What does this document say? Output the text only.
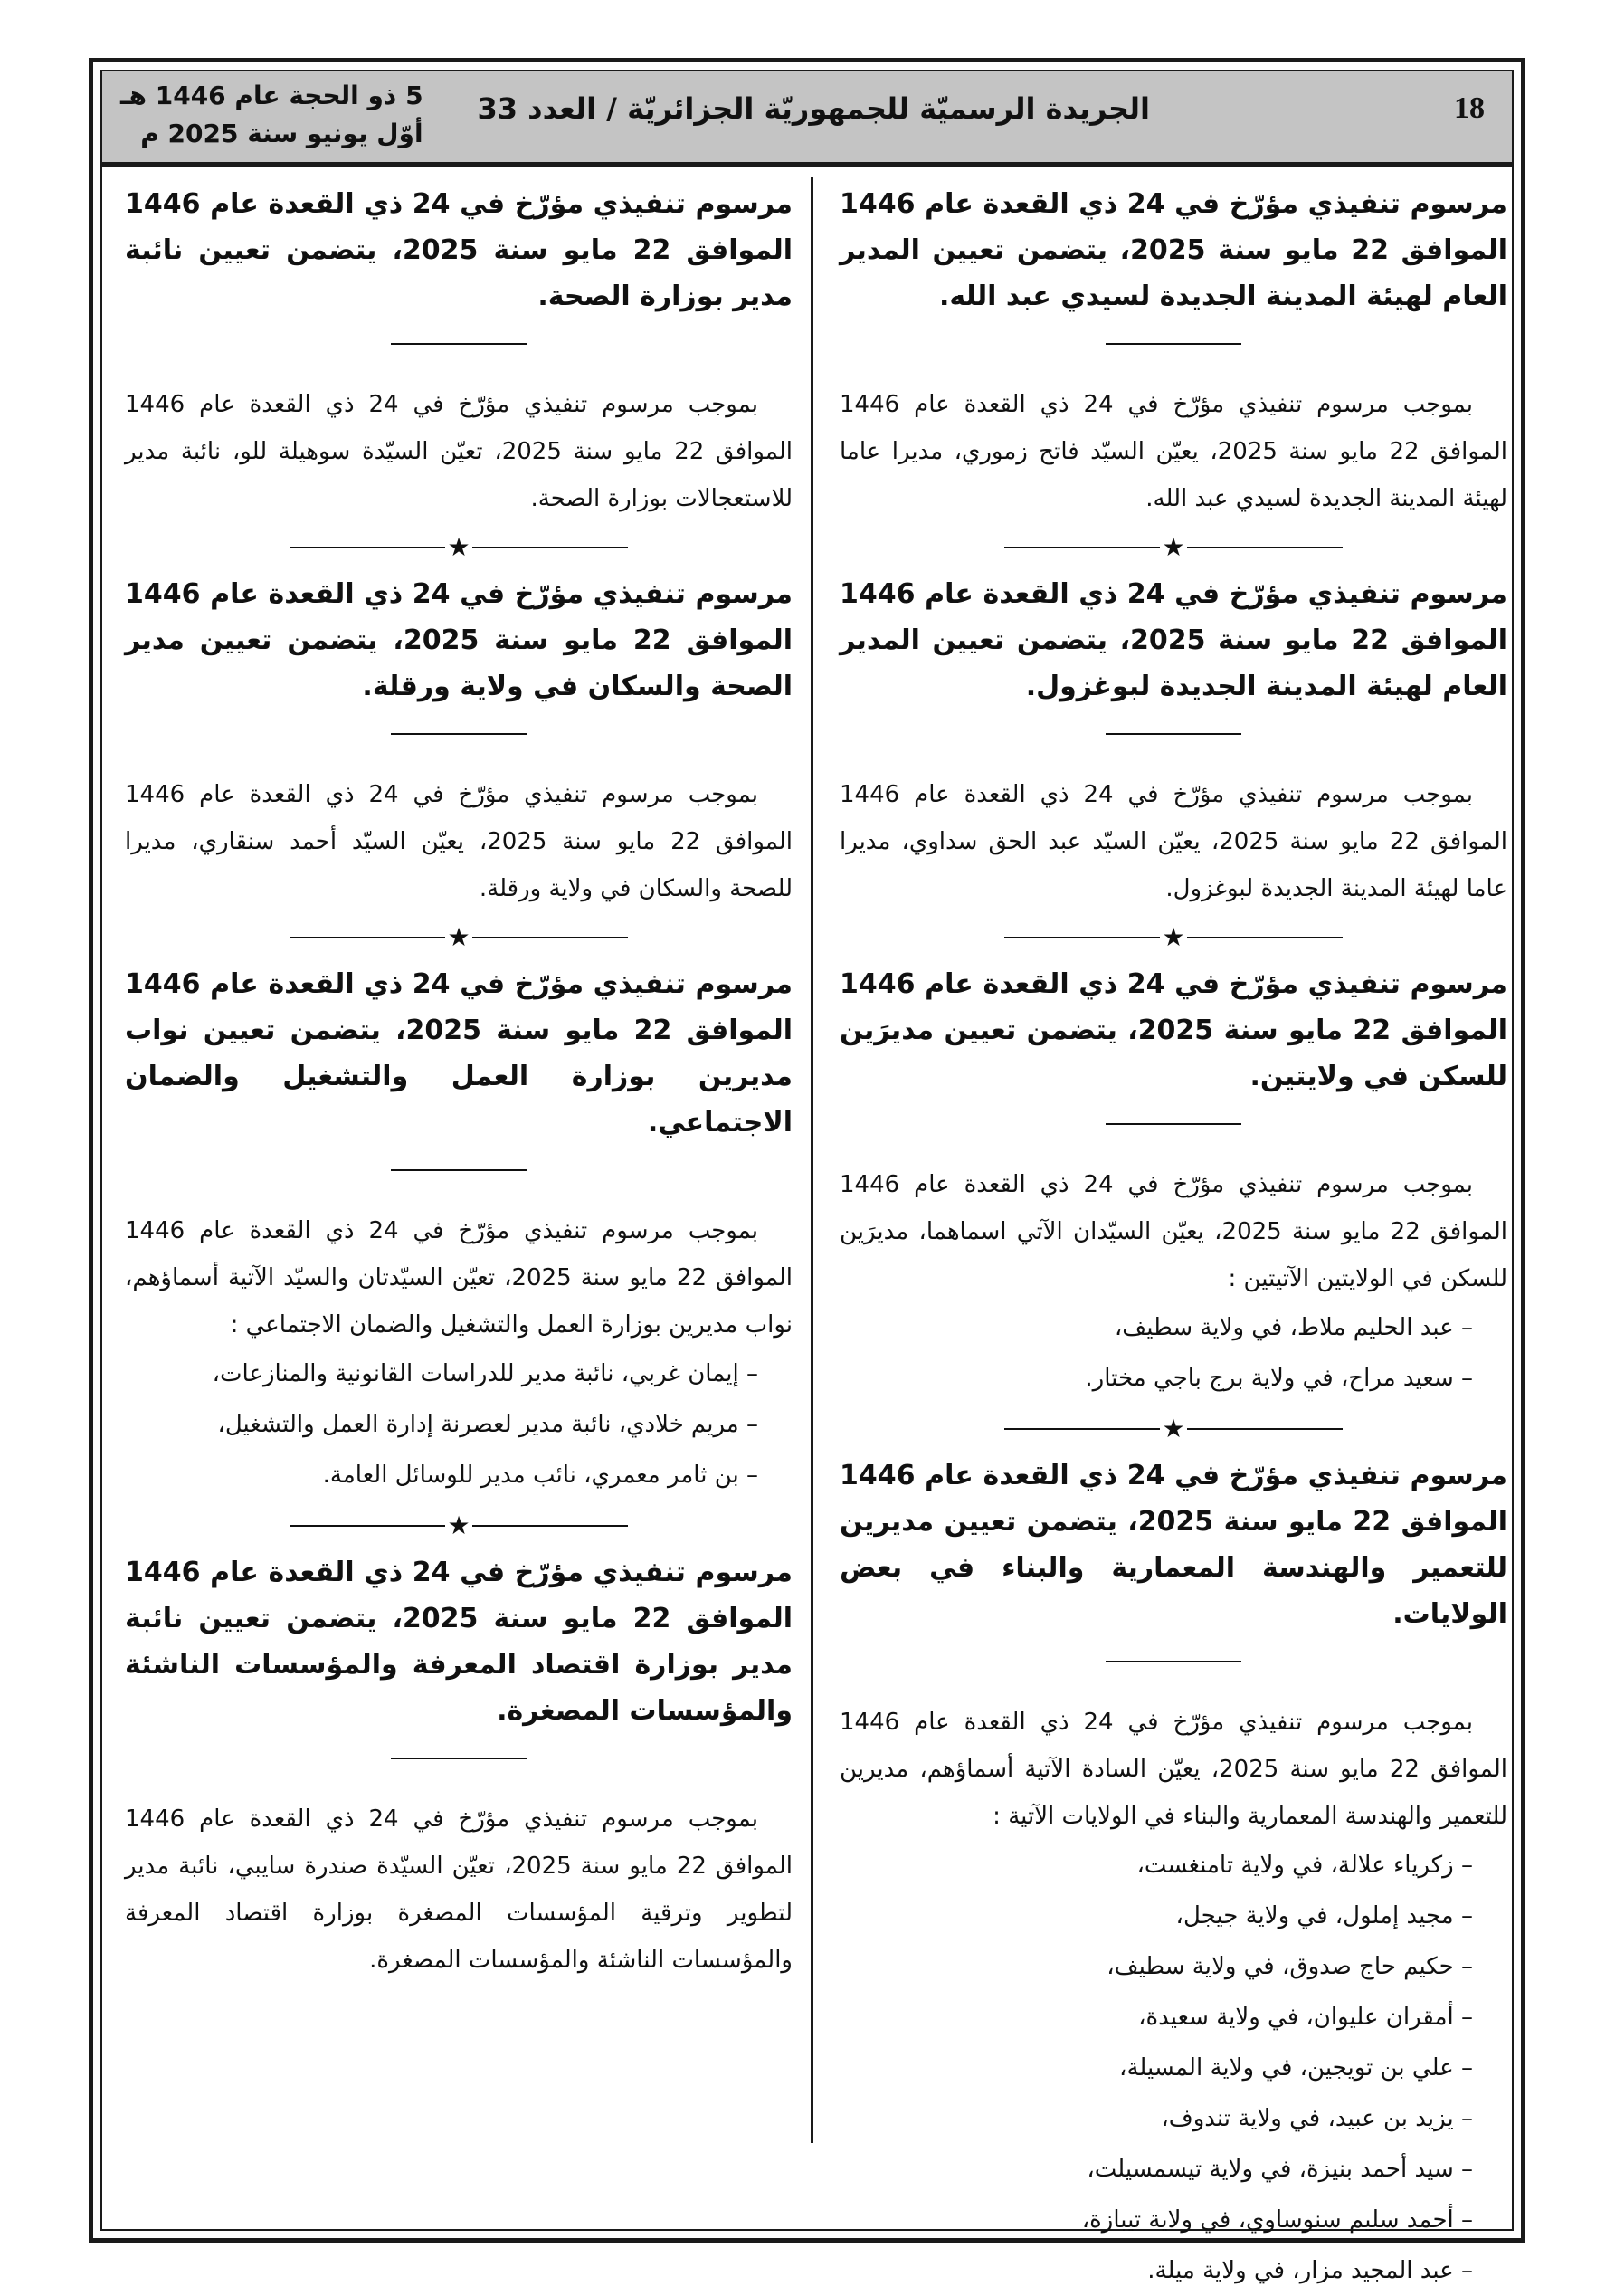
18
الجريدة الرسميّة للجمهوريّة الجزائريّة / العدد 33
5 ذو الحجة عام 1446 هـ
أوّل يونيو سنة 2025 م

مرسوم تنفيذي مؤرّخ في 24 ذي القعدة عام 1446 الموافق 22 مايو سنة 2025، يتضمن تعيين المدير العام لهيئة المدينة الجديدة لسيدي عبد الله.

بموجب مرسوم تنفيذي مؤرّخ في 24 ذي القعدة عام 1446 الموافق 22 مايو سنة 2025، يعيّن السيّد فاتح زموري، مديرا عاما لهيئة المدينة الجديدة لسيدي عبد الله.

★

مرسوم تنفيذي مؤرّخ في 24 ذي القعدة عام 1446 الموافق 22 مايو سنة 2025، يتضمن تعيين المدير العام لهيئة المدينة الجديدة لبوغزول.

بموجب مرسوم تنفيذي مؤرّخ في 24 ذي القعدة عام 1446 الموافق 22 مايو سنة 2025، يعيّن السيّد عبد الحق سداوي، مديرا عاما لهيئة المدينة الجديدة لبوغزول.

★

مرسوم تنفيذي مؤرّخ في 24 ذي القعدة عام 1446 الموافق 22 مايو سنة 2025، يتضمن تعيين مديرَين للسكن في ولايتين.

بموجب مرسوم تنفيذي مؤرّخ في 24 ذي القعدة عام 1446 الموافق 22 مايو سنة 2025، يعيّن السيّدان الآتي اسماهما، مديرَين للسكن في الولايتين الآتيتين :

– عبد الحليم ملاط، في ولاية سطيف،

– سعيد مراح، في ولاية برج باجي مختار.

★

مرسوم تنفيذي مؤرّخ في 24 ذي القعدة عام 1446 الموافق 22 مايو سنة 2025، يتضمن تعيين مديرين للتعمير والهندسة المعمارية والبناء في بعض الولايات.

بموجب مرسوم تنفيذي مؤرّخ في 24 ذي القعدة عام 1446 الموافق 22 مايو سنة 2025، يعيّن السادة الآتية أسماؤهم، مديرين للتعمير والهندسة المعمارية والبناء في الولايات الآتية :

– زكرياء علالة، في ولاية تامنغست،

– مجيد إملول، في ولاية جيجل،

– حكيم حاج صدوق، في ولاية سطيف،

– أمقران عليوان، في ولاية سعيدة،

– علي بن تويجين، في ولاية المسيلة،

– يزيد بن عبيد، في ولاية تندوف،

– سيد أحمد بنيزة، في ولاية تيسمسيلت،

– أحمد سليم سنوساوي، في ولاية تيبازة،

– عبد المجيد مزار، في ولاية ميلة.

مرسوم تنفيذي مؤرّخ في 24 ذي القعدة عام 1446 الموافق 22 مايو سنة 2025، يتضمن تعيين نائبة مدير بوزارة الصحة.

بموجب مرسوم تنفيذي مؤرّخ في 24 ذي القعدة عام 1446 الموافق 22 مايو سنة 2025، تعيّن السيّدة سوهيلة للو، نائبة مدير للاستعجالات بوزارة الصحة.

★

مرسوم تنفيذي مؤرّخ في 24 ذي القعدة عام 1446 الموافق 22 مايو سنة 2025، يتضمن تعيين مدير الصحة والسكان في ولاية ورقلة.

بموجب مرسوم تنفيذي مؤرّخ في 24 ذي القعدة عام 1446 الموافق 22 مايو سنة 2025، يعيّن السيّد أحمد سنقاري، مديرا للصحة والسكان في ولاية ورقلة.

★

مرسوم تنفيذي مؤرّخ في 24 ذي القعدة عام 1446 الموافق 22 مايو سنة 2025، يتضمن تعيين نواب مديرين بوزارة العمل والتشغيل والضمان الاجتماعي.

بموجب مرسوم تنفيذي مؤرّخ في 24 ذي القعدة عام 1446 الموافق 22 مايو سنة 2025، تعيّن السيّدتان والسيّد الآتية أسماؤهم، نواب مديرين بوزارة العمل والتشغيل والضمان الاجتماعي :

– إيمان غربي، نائبة مدير للدراسات القانونية والمنازعات،

– مريم خلادي، نائبة مدير لعصرنة إدارة العمل والتشغيل،

– بن ثامر معمري، نائب مدير للوسائل العامة.

★

مرسوم تنفيذي مؤرّخ في 24 ذي القعدة عام 1446 الموافق 22 مايو سنة 2025، يتضمن تعيين نائبة مدير بوزارة اقتصاد المعرفة والمؤسسات الناشئة والمؤسسات المصغرة.

بموجب مرسوم تنفيذي مؤرّخ في 24 ذي القعدة عام 1446 الموافق 22 مايو سنة 2025، تعيّن السيّدة صندرة سايبي، نائبة مدير لتطوير وترقية المؤسسات المصغرة بوزارة اقتصاد المعرفة والمؤسسات الناشئة والمؤسسات المصغرة.
